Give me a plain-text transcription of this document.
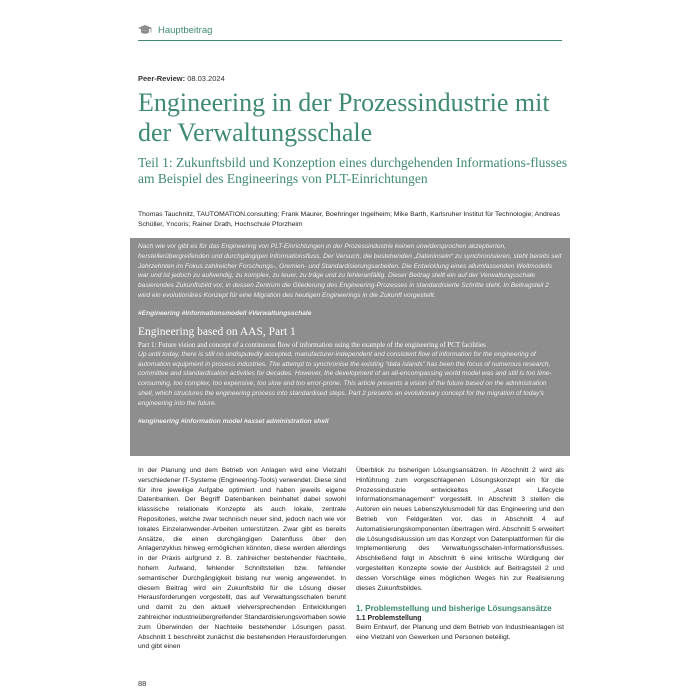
Hauptbeitrag
Peer-Review: 08.03.2024
Engineering in der Prozessindustrie mit der Verwaltungsschale
Teil 1: Zukunftsbild und Konzeption eines durchgehenden Informations-flusses am Beispiel des Engineerings von PLT-Einrichtungen
Thomas Tauchnitz, TAUTOMATION.consulting; Frank Maurer, Boehringer Ingelheim; Mike Barth, Karlsruher Institut für Technologie; Andreas Schüller, Yncoris; Rainer Drath, Hochschule Pforzheim

Nach wie vor gibt es für das Engineering von PLT-Einrichtungen in der Prozessindustrie keinen unwidersprochen akzeptierten, herstellerübergreifenden und durchgängigen Informationsfluss. Der Versuch, die bestehenden „Dateninseln“ zu synchronisieren, steht bereits seit Jahrzehnten im Fokus zahlreicher Forschungs-, Gremien- und Standardisierungsarbeiten. Die Entwicklung eines allumfassenden Weltmodells war und ist jedoch zu aufwendig, zu komplex, zu teuer, zu träge und zu fehleranfällig. Dieser Beitrag stellt ein auf der Verwaltungsschale basierendes Zukunftsbild vor, in dessen Zentrum die Gliederung des Engineering-Prozesses in standardisierte Schritte steht. In Beitragsteil 2 wird ein evolutionäres Konzept für eine Migration des heutigen Engineerings in die Zukunft vorgestellt.

#Engineering #Informationsmodell #Verwaltungsschale

Engineering based on AAS, Part 1

Part 1: Future vision and concept of a continuous flow of information using the example of the engineering of PCT facilities

Up until today, there is still no undisputedly accepted, manufacturer-independent and consistent flow of information for the engineering of automation equipment in process industries. The attempt to synchronise the existing “data islands” has been the focus of numerous research, committee and standardisation activities for decades. However, the development of an all-encompassing world model was and still is too time-consuming, too complex, too expensive, too slow and too error-prone. This article presents a vision of the future based on the administration shell, which structures the engineering process into standardised steps. Part 2 presents an evolutionary concept for the migration of today's engineering into the future.

#engineering #information model #asset administration shell

In der Planung und dem Betrieb von Anlagen wird eine Vielzahl verschiedener IT-Systeme (Engineering-Tools) verwendet. Diese sind für ihre jeweilige Aufgabe optimiert und haben jeweils eigene Datenbanken. Der Begriff Datenbanken beinhaltet dabei sowohl klassische relationale Konzepte als auch lokale, zentrale Repositories, welche zwar technisch neuer sind, jedoch nach wie vor lokales Einzelanwender-Arbeiten unterstützen. Zwar gibt es bereits Ansätze, die einen durchgängigen Datenfluss über den Anlagenzyklus hinweg ermöglichen könnten, diese werden allerdings in der Praxis aufgrund z. B. zahlreicher bestehender Nachteile, hohem Aufwand, fehlender Schnittstellen bzw. fehlender semantischer Durchgängigkeit bislang nur wenig angewendet. In diesem Beitrag wird ein Zukunftsbild für die Lösung dieser Herausforderungen vorgestellt, das auf Verwaltungsschalen beruht und damit zu den aktuell vielversprechenden Entwicklungen zahlreicher industrieübergreifender Standardisierungsvorhaben sowie zum Überwinden der Nachteile bestehender Lösungen passt. Abschnitt 1 beschreibt zunächst die bestehenden Herausforderungen und gibt einen

Überblick zu bisherigen Lösungsansätzen. In Abschnitt 2 wird als Hinführung zum vorgeschlagenen Lösungskonzept ein für die Prozessindustrie entwickeltes „Asset Lifecycle Informationsmanagement“ vorgestellt. In Abschnitt 3 stellen die Autoren ein neues Lebenszyklusmodell für das Engineering und den Betrieb von Feldgeräten vor, das in Abschnitt 4 auf Automatisierungskomponenten übertragen wird. Abschnitt 5 erweitert die Lösungsdiskussion um das Konzept von Datenplattformen für die Implementierung des Verwaltungsschalen-Informationsflusses. Abschließend folgt in Abschnitt 6 eine kritische Würdigung der vorgestellten Konzepte sowie der Ausblick auf Beitragsteil 2 und dessen Vorschläge eines möglichen Weges hin zur Realisierung dieses Zukunftsbildes.

1. Problemstellung und bisherige Lösungsansätze

1.1 Problemstellung

Beim Entwurf, der Planung und dem Betrieb von Industrieanlagen ist eine Vielzahl von Gewerken und Personen beteiligt.

88
